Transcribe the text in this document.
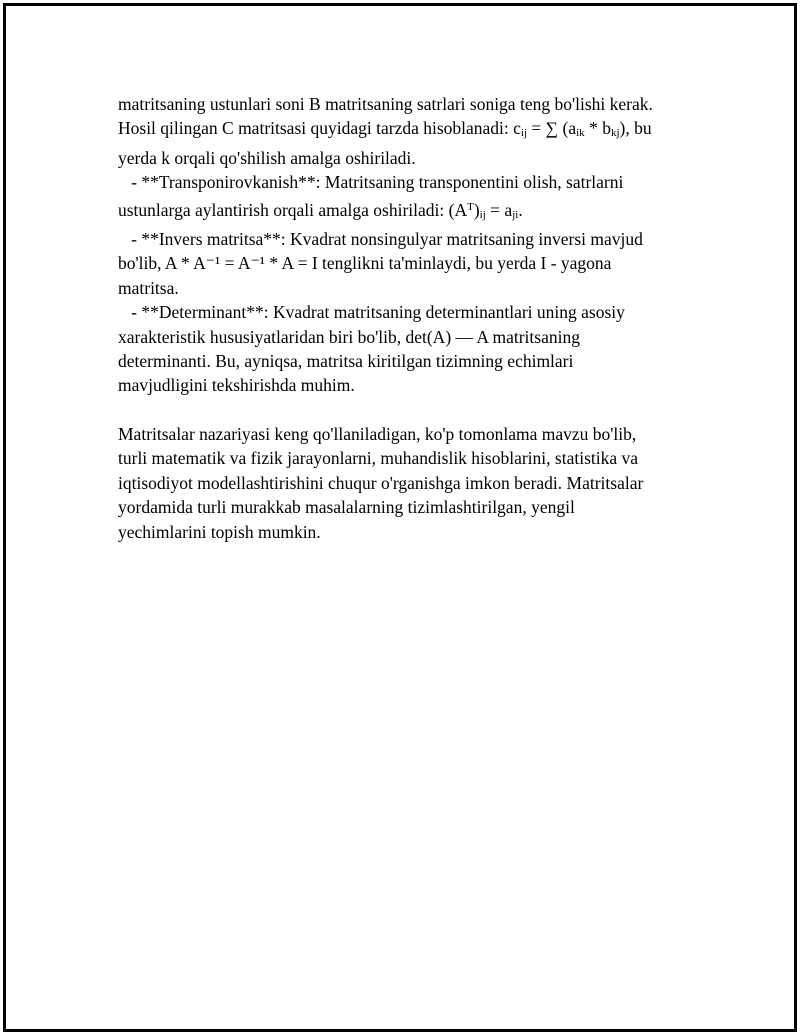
matritsaning ustunlari soni B matritsaning satrlari soniga teng bo'lishi kerak.
Hosil qilingan C matritsasi quyidagi tarzda hisoblanadi: cij = ∑ (aik * bkj), bu
yerda k orqali qo'shilish amalga oshiriladi.

- **Transponirovkanish**: Matritsaning transponentini olish, satrlarni
ustunlarga aylantirish orqali amalga oshiriladi: $(A^T)ij$ = aji.

- **Invers matritsa**: Kvadrat nonsingulyar matritsaning inversi mavjud
bo'lib, A * A⁻¹ = A⁻¹ * A = I tenglikni ta'minlaydi, bu yerda I - yagona
matritsa.

- **Determinant**: Kvadrat matritsaning determinantlari uning asosiy
xarakteristik hususiyatlaridan biri bo'lib, det(A) — A matritsaning
determinanti. Bu, ayniqsa, matritsa kiritilgan tizimning echimlari
mavjudligini tekshirishda muhim.

Matritsalar nazariyasi keng qo'llaniladigan, ko'p tomonlama mavzu bo'lib,
turli matematik va fizik jarayonlarni, muhandislik hisoblarini, statistika va
iqtisodiyot modellashtirishini chuqur o'rganishga imkon beradi. Matritsalar
yordamida turli murakkab masalalarning tizimlashtirilgan, yengil
yechimlarini topish mumkin.
